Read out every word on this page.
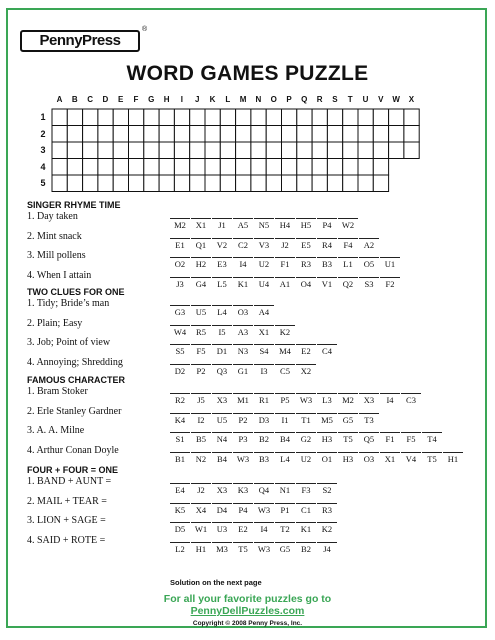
PennyPress
®
WORD GAMES PUZZLE
A	B	C	D	E	F	G	H	I	J	K	L	M	N	O	P	Q	R	S	T	U	V	W	X
1
2
3
4
5
SINGER RHYME TIME
1. Day taken
M2	X1	J1	A5	N5	H4	H5	P4	W2
2. Mint snack
E1	Q1	V2	C2	V3	J2	E5	R4	F4	A2
3. Mill pollens
O2	H2	E3	I4	U2	F1	R3	B3	L1	O5	U1
4. When I attain
J3	G4	L5	K1	U4	A1	O4	V1	Q2	S3	F2
TWO CLUES FOR ONE
1. Tidy; Bride’s man
G3	U5	L4	O3	A4
2. Plain; Easy
W4	R5	I5	A3	X1	K2
3. Job; Point of view
S5	F5	D1	N3	S4	M4	E2	C4
4. Annoying; Shredding
D2	P2	Q3	G1	I3	C5	X2
FAMOUS CHARACTER
1. Bram Stoker
R2	J5	X3	M1	R1	P5	W3	L3	M2	X3	I4	C3
2. Erle Stanley Gardner
K4	I2	U5	P2	D3	I1	T1	M5	G5	T3
3. A. A. Milne
S1	B5	N4	P3	B2	B4	G2	H3	T5	Q5	F1	F5	T4
4. Arthur Conan Doyle
B1	N2	B4	W3	B3	L4	U2	O1	H3	O3	X1	V4	T5	H1
FOUR + FOUR = ONE
1. BAND + AUNT =
E4	J2	X3	K3	Q4	N1	F3	S2
2. MAIL + TEAR =
K5	X4	D4	P4	W3	P1	C1	R3
3. LION + SAGE =
D5	W1	U3	E2	I4	T2	K1	K2
4. SAID + ROTE =
L2	H1	M3	T5	W3	G5	B2	J4
Solution on the next page
For all your favorite puzzles go to
PennyDellPuzzles.com
Copyright © 2008 Penny Press, Inc.
